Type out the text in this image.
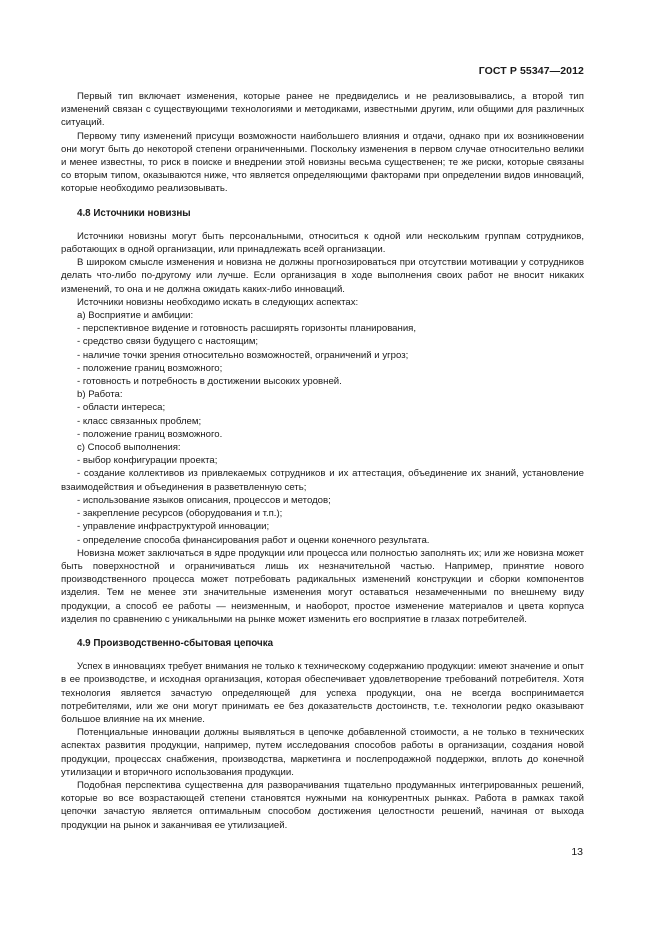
ГОСТ Р 55347—2012

Первый тип включает изменения, которые ранее не предвиделись и не реализовывались, а второй тип изменений связан с существующими технологиями и методиками, известными другим, или общими для различных ситуаций.

Первому типу изменений присущи возможности наибольшего влияния и отдачи, однако при их возникновении они могут быть до некоторой степени ограниченными. Поскольку изменения в первом случае относительно велики и менее известны, то риск в поиске и внедрении этой новизны весьма существенен; те же риски, которые связаны со вторым типом, оказываются ниже, что является определяющими факторами при определении видов инноваций, которые необходимо реализовывать.

4.8 Источники новизны

Источники новизны могут быть персональными, относиться к одной или нескольким группам сотрудников, работающих в одной организации, или принадлежать всей организации.

В широком смысле изменения и новизна не должны прогнозироваться при отсутствии мотивации у сотрудников делать что-либо по-другому или лучше. Если организация в ходе выполнения своих работ не вносит никаких изменений, то она и не должна ожидать каких-либо инноваций.

Источники новизны необходимо искать в следующих аспектах:

а) Восприятие и амбиции:

- перспективное видение и готовность расширять горизонты планирования,

- средство связи будущего с настоящим;

- наличие точки зрения относительно возможностей, ограничений и угроз;

- положение границ возможного;

- готовность и потребность в достижении высоких уровней.

b) Работа:

- области интереса;

- класс связанных проблем;

- положение границ возможного.

с) Способ выполнения:

- выбор конфигурации проекта;

- создание коллективов из привлекаемых сотрудников и их аттестация, объединение их знаний, установление взаимодействия и объединения в разветвленную сеть;

- использование языков описания, процессов и методов;

- закрепление ресурсов (оборудования и т.п.);

- управление инфраструктурой инновации;

- определение способа финансирования работ и оценки конечного результата.

Новизна может заключаться в ядре продукции или процесса или полностью заполнять их; или же новизна может быть поверхностной и ограничиваться лишь их незначительной частью. Например, принятие нового производственного процесса может потребовать радикальных изменений конструкции и сборки компонентов изделия. Тем не менее эти значительные изменения могут оставаться незамеченными по внешнему виду продукции, а способ ее работы — неизменным, и наоборот, простое изменение материалов и цвета корпуса изделия по сравнению с уникальными на рынке может изменить его восприятие в глазах потребителей.

4.9 Производственно-сбытовая цепочка

Успех в инновациях требует внимания не только к техническому содержанию продукции: имеют значение и опыт в ее производстве, и исходная организация, которая обеспечивает удовлетворение требований потребителя. Хотя технология является зачастую определяющей для успеха продукции, она не всегда воспринимается потребителями, или же они могут принимать ее без доказательств достоинств, т.е. технологии редко оказывают большое влияние на их мнение.

Потенциальные инновации должны выявляться в цепочке добавленной стоимости, а не только в технических аспектах развития продукции, например, путем исследования способов работы в организации, создания новой продукции, процессах снабжения, производства, маркетинга и послепродажной поддержки, вплоть до конечной утилизации и вторичного использования продукции.

Подобная перспектива существенна для разворачивания тщательно продуманных интегрированных решений, которые во все возрастающей степени становятся нужными на конкурентных рынках. Работа в рамках такой цепочки зачастую является оптимальным способом достижения целостности решений, начиная от выхода продукции на рынок и заканчивая ее утилизацией.

13
